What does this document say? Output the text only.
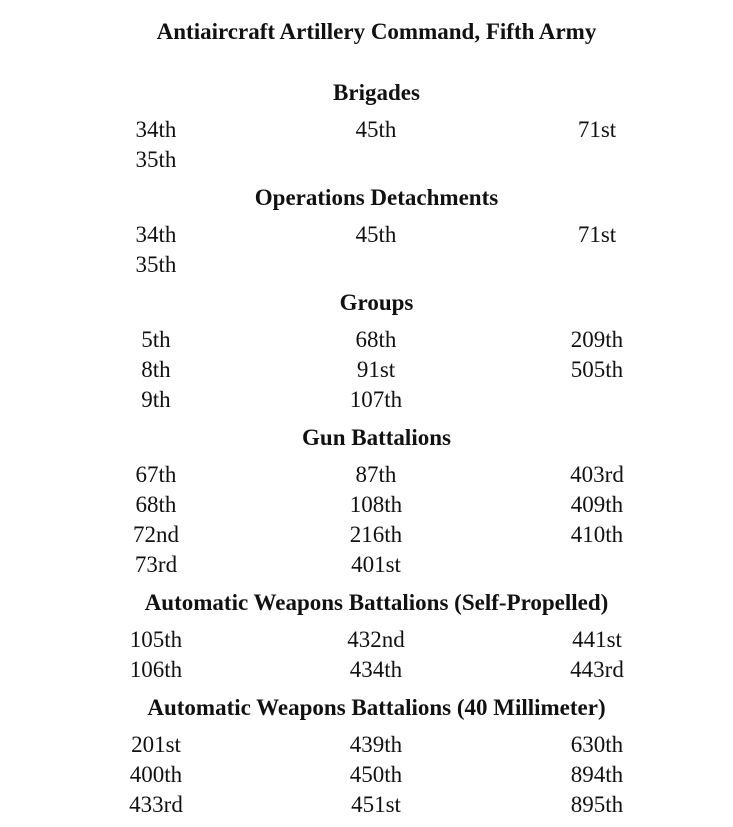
Antiaircraft Artillery Command, Fifth Army
Brigades
34th
35th
45th	71st
Operations Detachments
34th
35th
45th	71st
Groups
5th
8th
9th
68th
91st
107th
209th
505th
Gun Battalions
67th
68th
72nd
73rd
87th
108th
216th
401st
403rd
409th
410th
Automatic Weapons Battalions (Self-Propelled)
105th
106th
432nd
434th
441st
443rd
Automatic Weapons Battalions (40 Millimeter)
201st
400th
433rd
439th
450th
451st
630th
894th
895th
